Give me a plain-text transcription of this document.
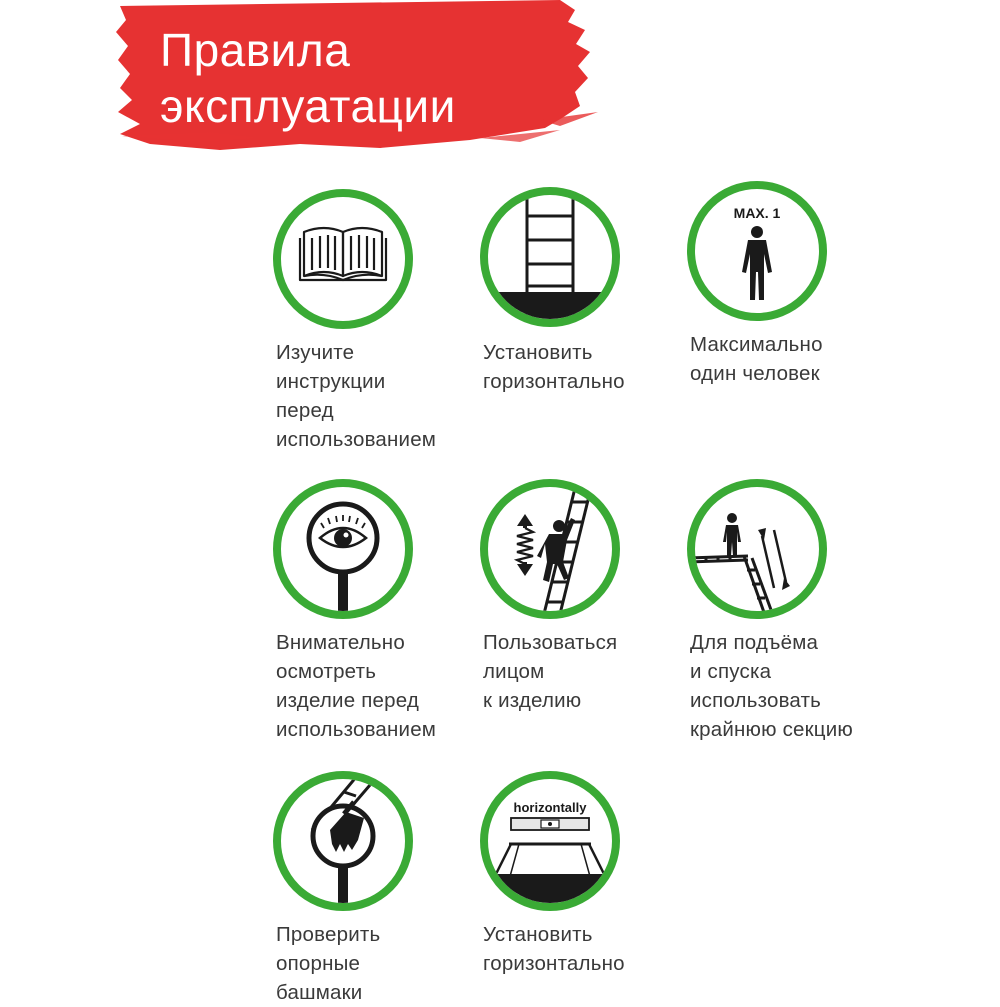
Правила
эксплуатации
Изучите
инструкции
перед
использованием
Установить
горизонтально
MAX. 1
Максимально
один человек
Внимательно
осмотреть
изделие перед
использованием
Пользоваться
лицом
к изделию
Для подъёма
и спуска
использовать
крайнюю секцию
Проверить
опорные
башмаки
horizontally
Установить
горизонтально
